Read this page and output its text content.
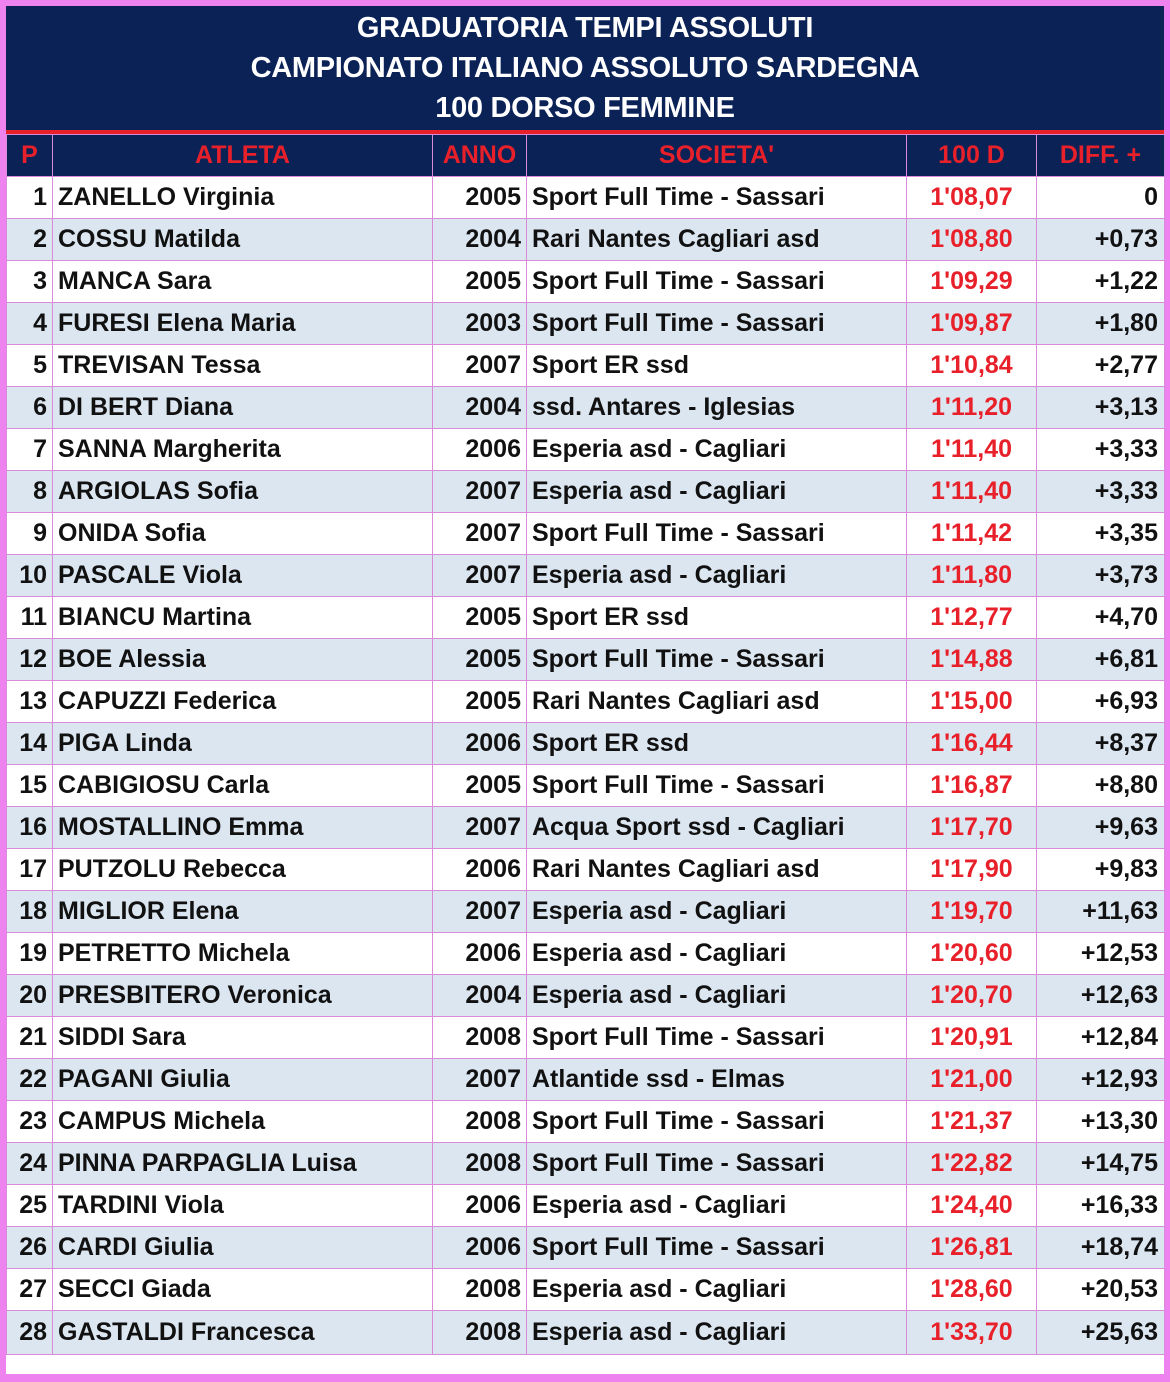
GRADUATORIA TEMPI ASSOLUTI
CAMPIONATO ITALIANO ASSOLUTO SARDEGNA
100 DORSO FEMMINE
P	ATLETA	ANNO	SOCIETA'	100 D	DIFF. +
1	ZANELLO Virginia	2005	Sport Full Time - Sassari	1'08,07	0
2	COSSU Matilda	2004	Rari Nantes Cagliari asd	1'08,80	+0,73
3	MANCA Sara	2005	Sport Full Time - Sassari	1'09,29	+1,22
4	FURESI Elena Maria	2003	Sport Full Time - Sassari	1'09,87	+1,80
5	TREVISAN Tessa	2007	Sport ER ssd	1'10,84	+2,77
6	DI BERT Diana	2004	ssd. Antares - Iglesias	1'11,20	+3,13
7	SANNA Margherita	2006	Esperia asd - Cagliari	1'11,40	+3,33
8	ARGIOLAS Sofia	2007	Esperia asd - Cagliari	1'11,40	+3,33
9	ONIDA Sofia	2007	Sport Full Time - Sassari	1'11,42	+3,35
10	PASCALE Viola	2007	Esperia asd - Cagliari	1'11,80	+3,73
11	BIANCU Martina	2005	Sport ER ssd	1'12,77	+4,70
12	BOE Alessia	2005	Sport Full Time - Sassari	1'14,88	+6,81
13	CAPUZZI Federica	2005	Rari Nantes Cagliari asd	1'15,00	+6,93
14	PIGA Linda	2006	Sport ER ssd	1'16,44	+8,37
15	CABIGIOSU Carla	2005	Sport Full Time - Sassari	1'16,87	+8,80
16	MOSTALLINO Emma	2007	Acqua Sport ssd - Cagliari	1'17,70	+9,63
17	PUTZOLU Rebecca	2006	Rari Nantes Cagliari asd	1'17,90	+9,83
18	MIGLIOR Elena	2007	Esperia asd - Cagliari	1'19,70	+11,63
19	PETRETTO Michela	2006	Esperia asd - Cagliari	1'20,60	+12,53
20	PRESBITERO Veronica	2004	Esperia asd - Cagliari	1'20,70	+12,63
21	SIDDI Sara	2008	Sport Full Time - Sassari	1'20,91	+12,84
22	PAGANI Giulia	2007	Atlantide ssd - Elmas	1'21,00	+12,93
23	CAMPUS Michela	2008	Sport Full Time - Sassari	1'21,37	+13,30
24	PINNA PARPAGLIA Luisa	2008	Sport Full Time - Sassari	1'22,82	+14,75
25	TARDINI Viola	2006	Esperia asd - Cagliari	1'24,40	+16,33
26	CARDI Giulia	2006	Sport Full Time - Sassari	1'26,81	+18,74
27	SECCI Giada	2008	Esperia asd - Cagliari	1'28,60	+20,53
28	GASTALDI Francesca	2008	Esperia asd - Cagliari	1'33,70	+25,63
